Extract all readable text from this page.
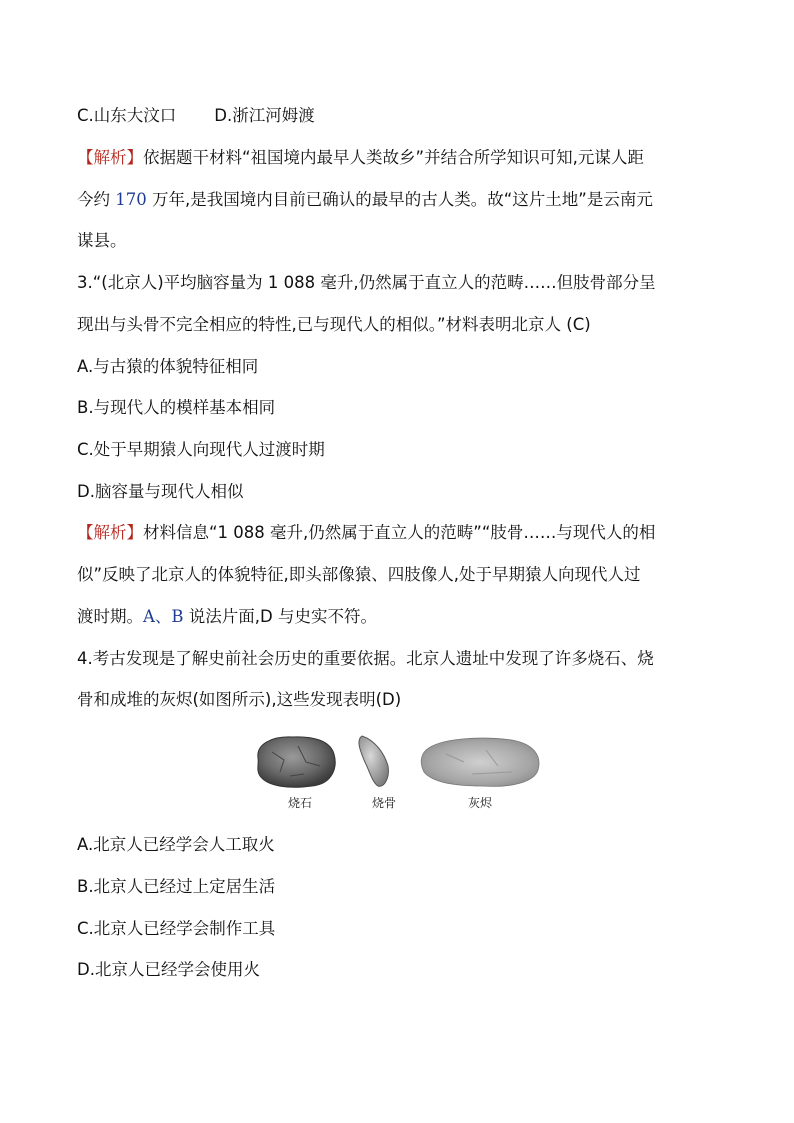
C.山东大汶口 D.浙江河姆渡
【解析】依据题干材料“祖国境内最早人类故乡”并结合所学知识可知,元谋人距
今约 170 万年,是我国境内目前已确认的最早的古人类。故“这片土地”是云南元
谋县。
3.“(北京人)平均脑容量为 1 088 毫升,仍然属于直立人的范畴……但肢骨部分呈
现出与头骨不完全相应的特性,已与现代人的相似。”材料表明北京人 (C)
A.与古猿的体貌特征相同
B.与现代人的模样基本相同
C.处于早期猿人向现代人过渡时期
D.脑容量与现代人相似
【解析】材料信息“1 088 毫升,仍然属于直立人的范畴”“肢骨……与现代人的相
似”反映了北京人的体貌特征,即头部像猿、四肢像人,处于早期猿人向现代人过
渡时期。A、B 说法片面,D 与史实不符。
4.考古发现是了解史前社会历史的重要依据。北京人遗址中发现了许多烧石、烧
骨和成堆的灰烬(如图所示),这些发现表明(D)
烧石	烧骨	灰烬
A.北京人已经学会人工取火
B.北京人已经过上定居生活
C.北京人已经学会制作工具
D.北京人已经学会使用火
